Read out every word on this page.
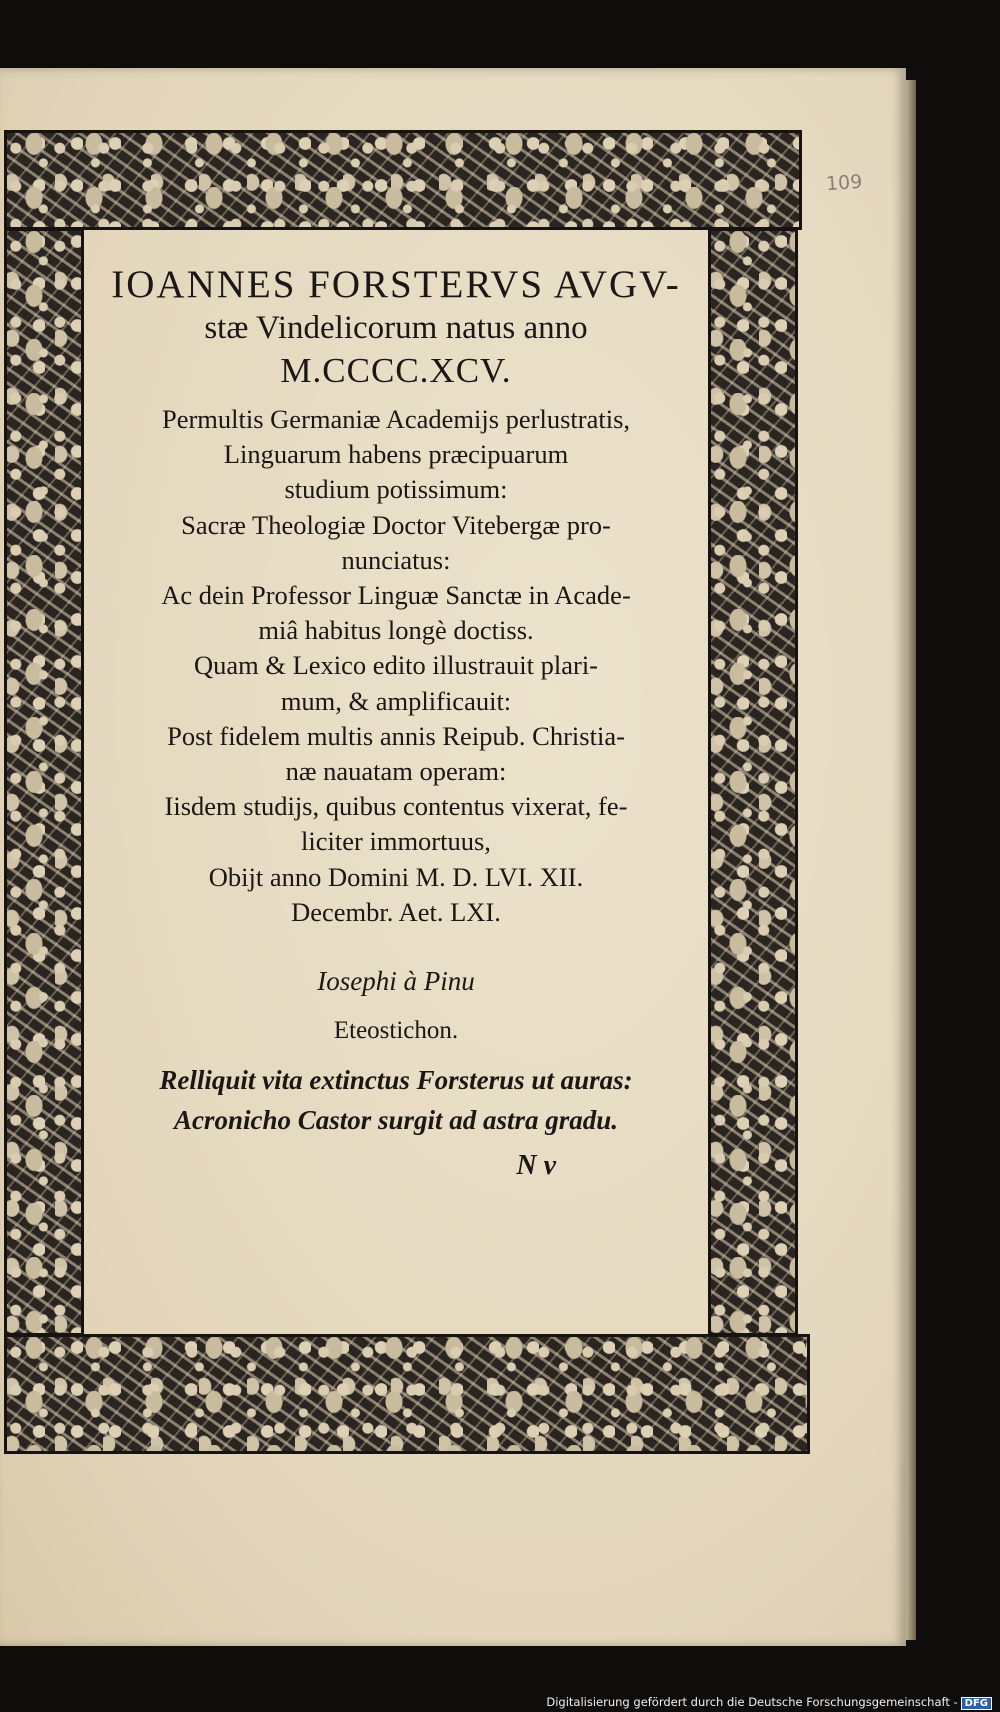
109
IOANNES FORSTERVS AVGV-
stæ Vindelicorum natus anno
M.CCCC.XCV.
Permultis Germaniæ Academijs perlustratis,
Linguarum habens præcipuarum
studium potissimum:
Sacræ Theologiæ Doctor Vitebergæ pro-
nunciatus:
Ac dein Professor Linguæ Sanctæ in Acade-
miâ habitus longè doctiss.
Quam & Lexico edito illustrauit plari-
mum, & amplificauit:
Post fidelem multis annis Reipub. Christia-
næ nauatam operam:
Iisdem studijs, quibus contentus vixerat, fe-
liciter immortuus,
Obijt anno Domini M. D. LVI. XII.
Decembr. Aet. LXI.
Iosephi à Pinu
Eteostichon.
Relliquit vita extinctus Forsterus ut auras:
Acronicho Castor surgit ad astra gradu.
N v
Digitalisierung gefördert durch die Deutsche Forschungsgemeinschaft - DFG
